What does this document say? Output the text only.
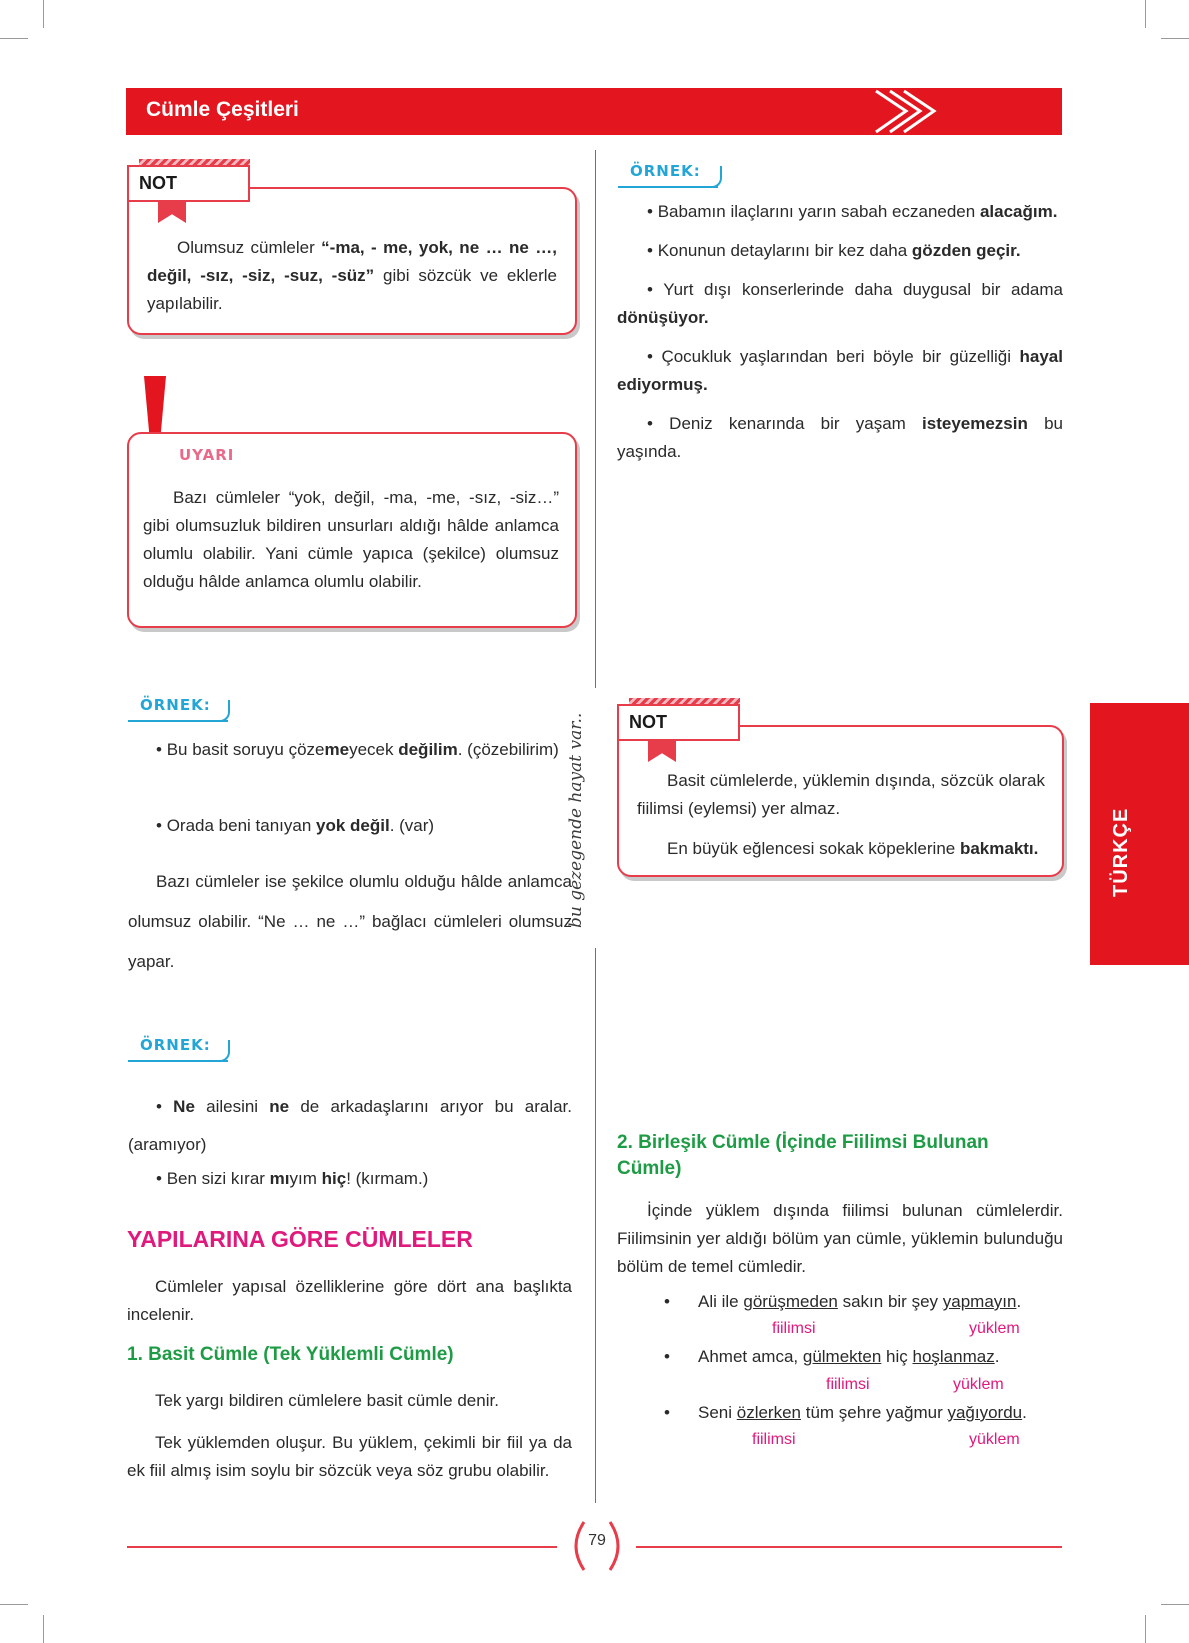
Cümle Çeşitleri
bu gezegende hayat var..

Olumsuz cümleler “-ma, - me, yok, ne … ne …, değil, -sız, -siz, -suz, -süz” gibi sözcük ve eklerle yapılabilir.

NOT
UYARI

Bazı cümleler “yok, değil, -ma, -me, -sız, -siz…” gibi olumsuzluk bildiren unsurları aldığı hâlde anlamca olumlu olabilir. Yani cümle yapıca (şekilce) olumsuz olduğu hâlde anlamca olumlu olabilir.

ÖRNEK:

• Bu basit soruyu çözemeyecek değilim. (çözebilirim)

• Orada beni tanıyan yok değil. (var)

Bazı cümleler ise şekilce olumlu olduğu hâlde anlamca olumsuz olabilir. “Ne … ne …” bağlacı cümleleri olumsuz yapar.

ÖRNEK:

• Ne ailesini ne de arkadaşlarını arıyor bu aralar. (aramıyor)

• Ben sizi kırar mıyım hiç! (kırmam.)

YAPILARINA GÖRE CÜMLELER

Cümleler yapısal özelliklerine göre dört ana başlıkta incelenir.

1. Basit Cümle (Tek Yüklemli Cümle)

Tek yargı bildiren cümlelere basit cümle denir.

Tek yüklemden oluşur. Bu yüklem, çekimli bir fiil ya da ek fiil almış isim soylu bir sözcük veya söz grubu olabilir.

ÖRNEK:

• Babamın ilaçlarını yarın sabah eczaneden alacağım.

• Konunun detaylarını bir kez daha gözden geçir.

• Yurt dışı konserlerinde daha duygusal bir adama dönüşüyor.

• Çocukluk yaşlarından beri böyle bir güzelliği hayal ediyormuş.

• Deniz kenarında bir yaşam isteyemezsin bu yaşında.

Basit cümlelerde, yüklemin dışında, sözcük olarak fiilimsi (eylemsi) yer almaz.

En büyük eğlencesi sokak köpeklerine bakmaktı.

NOT
2. Birleşik Cümle (İçinde Fiilimsi Bulunan Cümle)

İçinde yüklem dışında fiilimsi bulunan cümlelerdir. Fiilimsinin yer aldığı bölüm yan cümle, yüklemin bulunduğu bölüm de temel cümledir.

• Ali ile görüşmeden sakın bir şey yapmayın.
fiilimsi	yüklem
• Ahmet amca, gülmekten hiç hoşlanmaz.
fiilimsi	yüklem
• Seni özlerken tüm şehre yağmur yağıyordu.
fiilimsi	yüklem
TÜRKÇE
79
